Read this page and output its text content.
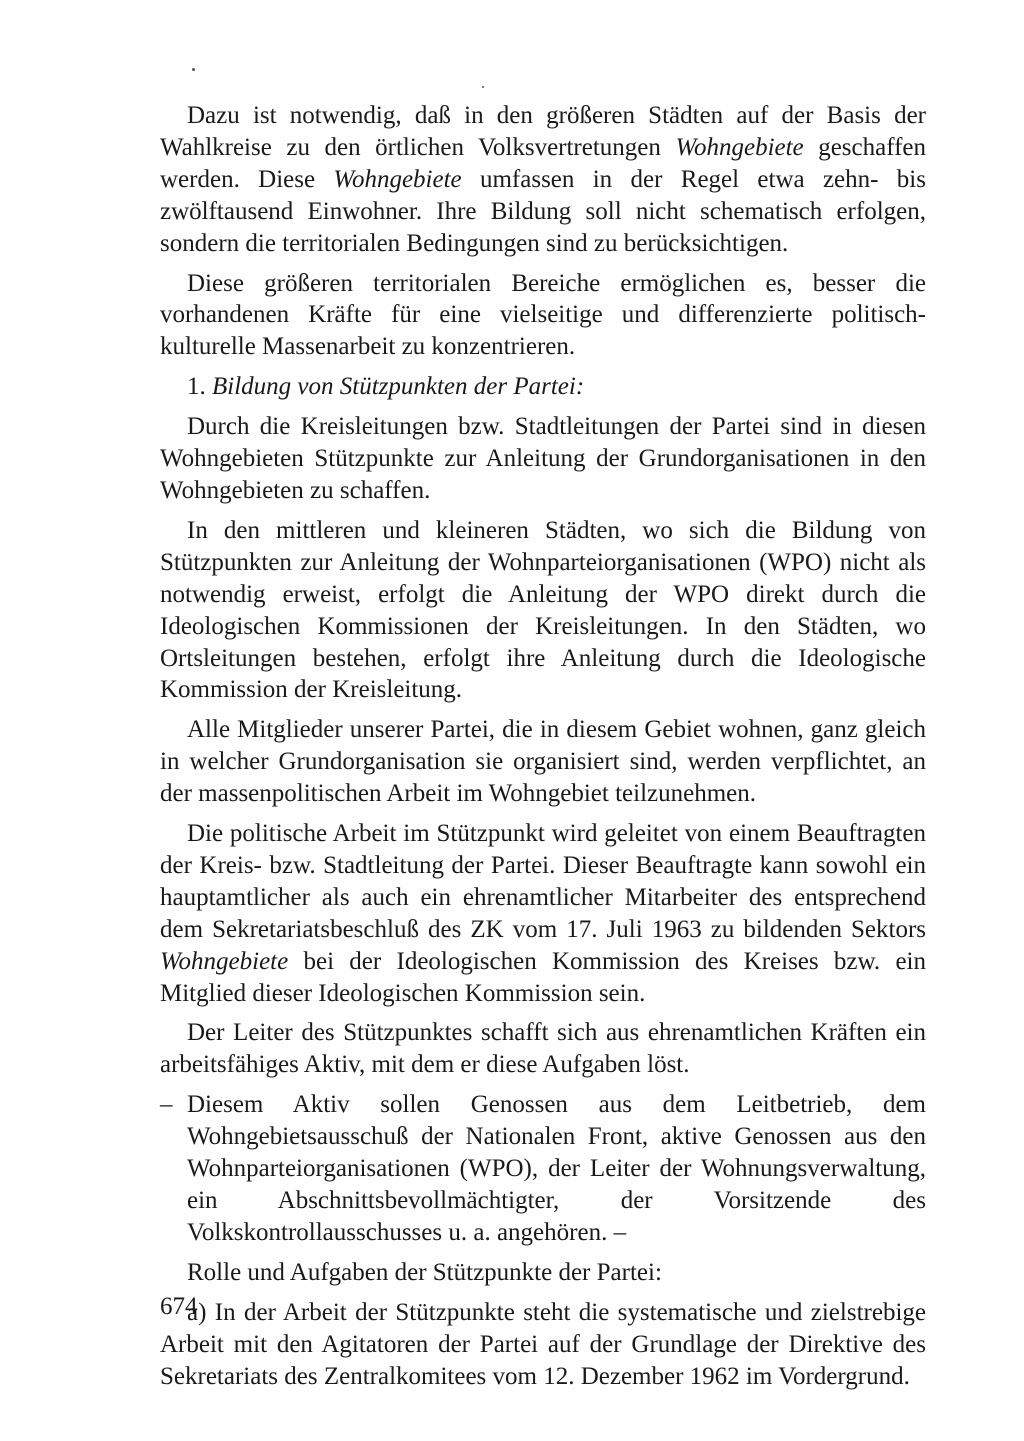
Dazu ist notwendig, daß in den größeren Städten auf der Basis der Wahlkreise zu den örtlichen Volksvertretungen Wohngebiete geschaffen werden. Diese Wohngebiete umfassen in der Regel etwa zehn- bis zwölftausend Einwohner. Ihre Bildung soll nicht schematisch erfolgen, sondern die territorialen Bedingungen sind zu berücksichtigen.

Diese größeren territorialen Bereiche ermöglichen es, besser die vorhandenen Kräfte für eine vielseitige und differenzierte politisch-kulturelle Massenarbeit zu konzentrieren.

1. Bildung von Stützpunkten der Partei:

Durch die Kreisleitungen bzw. Stadtleitungen der Partei sind in diesen Wohngebieten Stützpunkte zur Anleitung der Grundorganisationen in den Wohngebieten zu schaffen.

In den mittleren und kleineren Städten, wo sich die Bildung von Stützpunkten zur Anleitung der Wohnparteiorganisationen (WPO) nicht als notwendig erweist, erfolgt die Anleitung der WPO direkt durch die Ideologischen Kommissionen der Kreisleitungen. In den Städten, wo Ortsleitungen bestehen, erfolgt ihre Anleitung durch die Ideologische Kommission der Kreisleitung.

Alle Mitglieder unserer Partei, die in diesem Gebiet wohnen, ganz gleich in welcher Grundorganisation sie organisiert sind, werden verpflichtet, an der massenpolitischen Arbeit im Wohngebiet teilzunehmen.

Die politische Arbeit im Stützpunkt wird geleitet von einem Beauftragten der Kreis- bzw. Stadtleitung der Partei. Dieser Beauftragte kann sowohl ein hauptamtlicher als auch ein ehrenamtlicher Mitarbeiter des entsprechend dem Sekretariatsbeschluß des ZK vom 17. Juli 1963 zu bildenden Sektors Wohngebiete bei der Ideologischen Kommission des Kreises bzw. ein Mitglied dieser Ideologischen Kommission sein.

Der Leiter des Stützpunktes schafft sich aus ehrenamtlichen Kräften ein arbeitsfähiges Aktiv, mit dem er diese Aufgaben löst.

– Diesem Aktiv sollen Genossen aus dem Leitbetrieb, dem Wohngebietsausschuß der Nationalen Front, aktive Genossen aus den Wohnparteiorganisationen (WPO), der Leiter der Wohnungsverwaltung, ein Abschnittsbevollmächtigter, der Vorsitzende des Volkskontrollausschusses u. a. angehören. –

Rolle und Aufgaben der Stützpunkte der Partei:

a) In der Arbeit der Stützpunkte steht die systematische und zielstrebige Arbeit mit den Agitatoren der Partei auf der Grundlage der Direktive des Sekretariats des Zentralkomitees vom 12. Dezember 1962 im Vordergrund.

674
